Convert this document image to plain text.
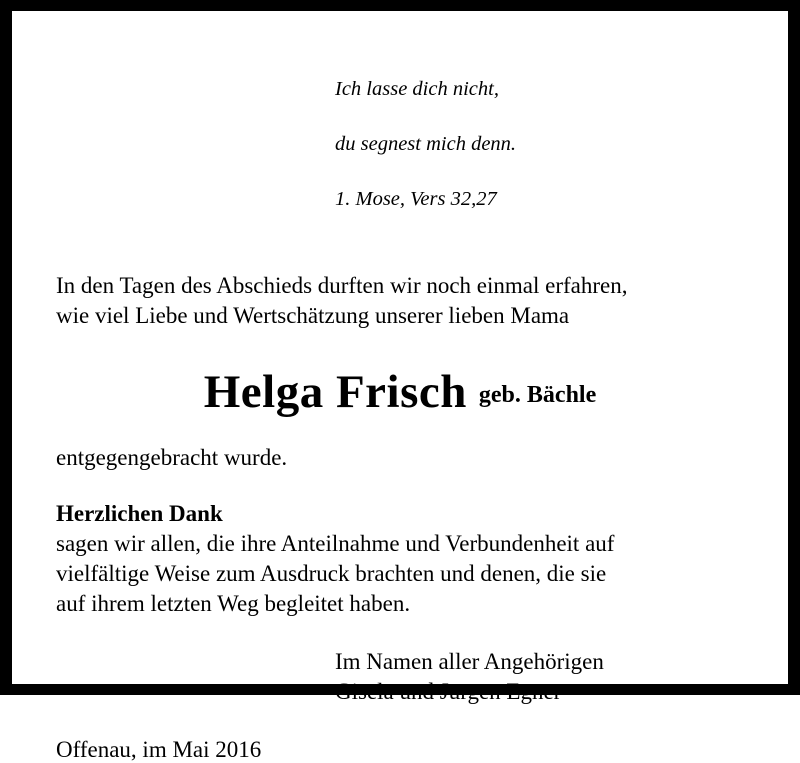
Ich lasse dich nicht,

du segnest mich denn.

1. Mose, Vers 32,27

In den Tagen des Abschieds durften wir noch einmal erfahren,
wie viel Liebe und Wertschätzung unserer lieben Mama
Helga Frisch geb. Bächle
entgegengebracht wurde.
Herzlichen Dank
sagen wir allen, die ihre Anteilnahme und Verbundenheit auf
vielfältige Weise zum Ausdruck brachten und denen, die sie
auf ihrem letzten Weg begleitet haben.
Im Namen aller Angehörigen
Gisela und Jürgen Egner
Offenau, im Mai 2016
